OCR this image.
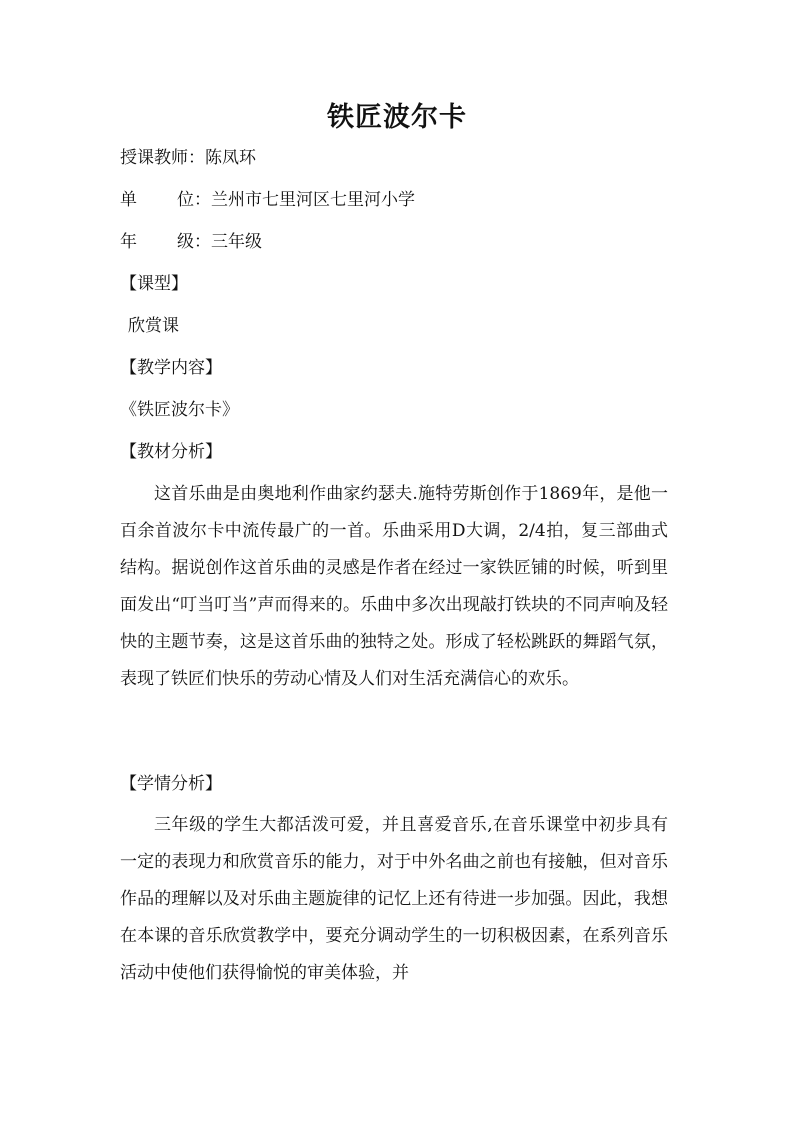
铁匠波尔卡
授课教师：陈凤环
单 位：兰州市七里河区七里河小学
年 级：三年级
【课型】
欣赏课
【教学内容】
《铁匠波尔卡》
【教材分析】

这首乐曲是由奥地利作曲家约瑟夫.施特劳斯创作于1869年，是他一百余首波尔卡中流传最广的一首。乐曲采用D大调，2/4拍，复三部曲式结构。据说创作这首乐曲的灵感是作者在经过一家铁匠铺的时候，听到里面发出“叮当叮当”声而得来的。乐曲中多次出现敲打铁块的不同声响及轻快的主题节奏，这是这首乐曲的独特之处。形成了轻松跳跃的舞蹈气氛，表现了铁匠们快乐的劳动心情及人们对生活充满信心的欢乐。

【学情分析】

三年级的学生大都活泼可爱，并且喜爱音乐,在音乐课堂中初步具有一定的表现力和欣赏音乐的能力，对于中外名曲之前也有接触，但对音乐作品的理解以及对乐曲主题旋律的记忆上还有待进一步加强。因此，我想在本课的音乐欣赏教学中，要充分调动学生的一切积极因素，在系列音乐活动中使他们获得愉悦的审美体验，并
